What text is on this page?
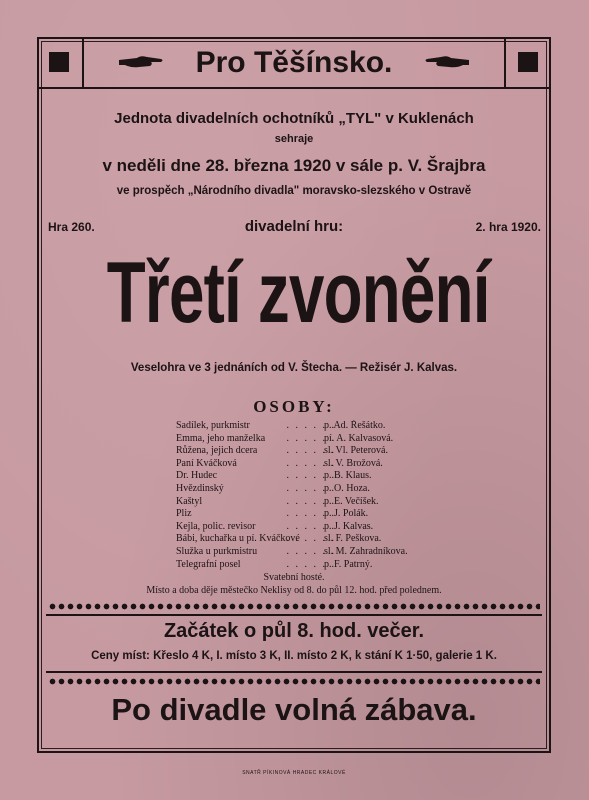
Pro Těšínsko.
Jednota divadelních ochotníků „TYL" v Kuklenách
sehraje
v neděli dne 28. března 1920 v sále p. V. Šrajbra
ve prospěch „Národního divadla" moravsko-slezského v Ostravě
Hra 260.	divadelní hru:	2. hra 1920.
Třetí zvonění
Veselohra ve 3 jednáních od V. Štecha. — Režisér J. Kalvas.
OSOBY:
. . . . . .
Sadílek, purkmistr	p. Ad. Řešátko.
. . . . . .
Emma, jeho manželka	pí. A. Kalvasová.
. . . . . .
Růžena, jejich dcera	sl. Vl. Peterová.
. . . . . .
Paní Kváčková	sl. V. Brožová.
. . . . . .
Dr. Hudec	p. B. Klaus.
. . . . . .
Hvězdinský	p. O. Hoza.
. . . . . .
Kaštyl	p. E. Večíšek.
. . . . . .
Pliz	p. J. Polák.
. . . . . .
Kejla, polic. revisor	p. J. Kalvas.
. . . . . .
Bábi, kuchařka u pí. Kváčkové sl. F. Peškova.
. . . . . .
Služka u purkmistru	sl. M. Zahradníkova.
. . . . . .
Telegrafní posel	p. F. Patrný.
Svatební hosté.
Místo a doba děje městečko Neklisy od 8. do půl 12. hod. před polednem.
Začátek o půl 8. hod. večer.
Ceny míst: Křeslo 4 K, I. místo 3 K, II. místo 2 K, k stání K 1·50, galerie 1 K.
Po divadle volná zábava.
SNATŘ PÍKINOVÁ HRADEC KRÁLOVÉ
